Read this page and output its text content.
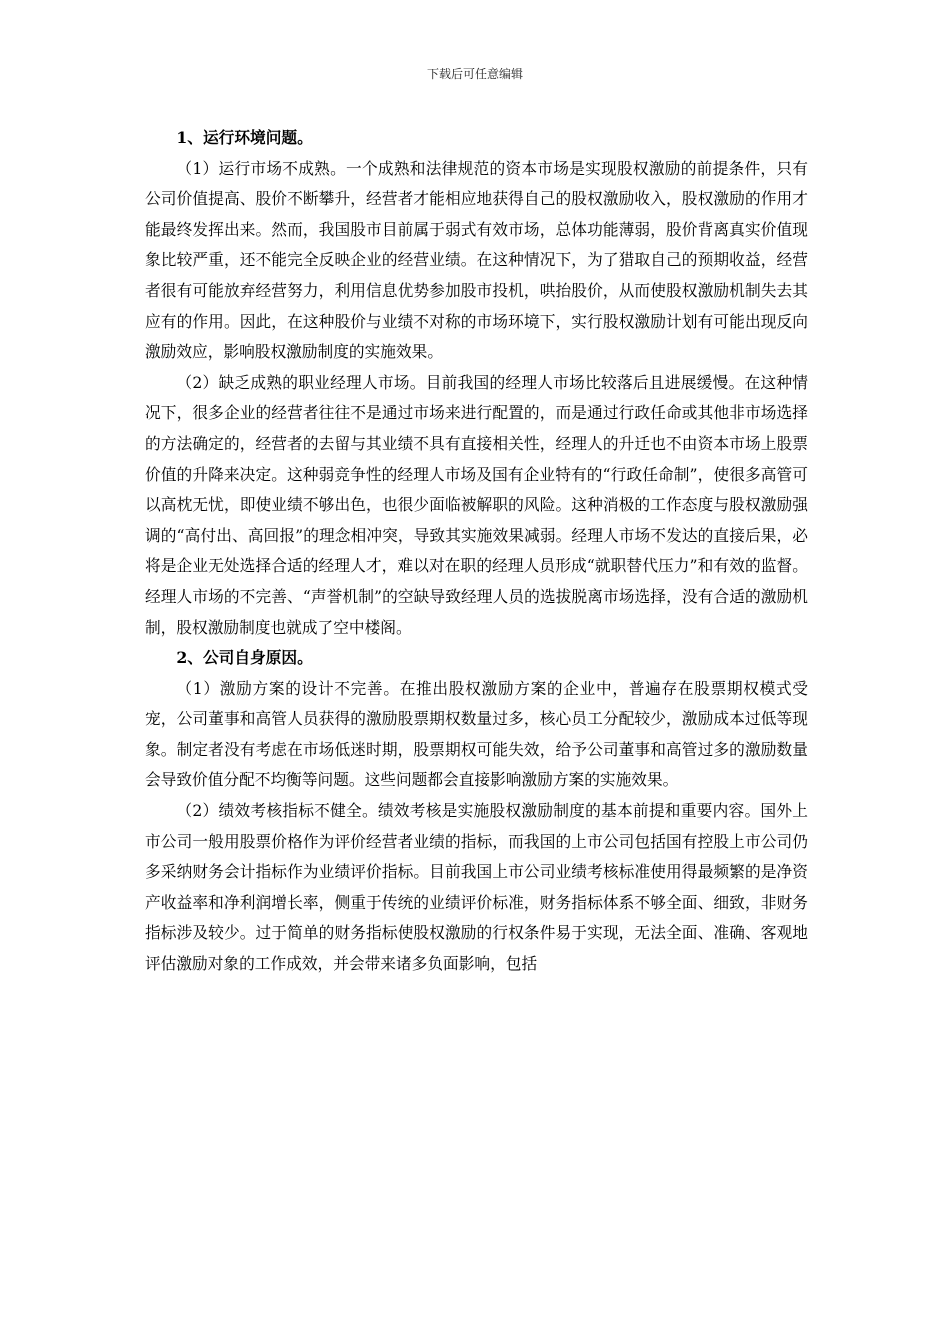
下载后可任意编辑
1、运行环境问题。

（1）运行市场不成熟。一个成熟和法律规范的资本市场是实现股权激励的前提条件，只有公司价值提高、股价不断攀升，经营者才能相应地获得自己的股权激励收入，股权激励的作用才能最终发挥出来。然而，我国股市目前属于弱式有效市场，总体功能薄弱，股价背离真实价值现象比较严重，还不能完全反映企业的经营业绩。在这种情况下，为了猎取自己的预期收益，经营者很有可能放弃经营努力，利用信息优势参加股市投机，哄抬股价，从而使股权激励机制失去其应有的作用。因此，在这种股价与业绩不对称的市场环境下，实行股权激励计划有可能出现反向激励效应，影响股权激励制度的实施效果。

（2）缺乏成熟的职业经理人市场。目前我国的经理人市场比较落后且进展缓慢。在这种情况下，很多企业的经营者往往不是通过市场来进行配置的，而是通过行政任命或其他非市场选择的方法确定的，经营者的去留与其业绩不具有直接相关性，经理人的升迁也不由资本市场上股票价值的升降来决定。这种弱竞争性的经理人市场及国有企业特有的“行政任命制”，使很多高管可以高枕无忧，即使业绩不够出色，也很少面临被解职的风险。这种消极的工作态度与股权激励强调的“高付出、高回报”的理念相冲突，导致其实施效果减弱。经理人市场不发达的直接后果，必将是企业无处选择合适的经理人才，难以对在职的经理人员形成“就职替代压力”和有效的监督。经理人市场的不完善、“声誉机制”的空缺导致经理人员的选拔脱离市场选择，没有合适的激励机制，股权激励制度也就成了空中楼阁。

2、公司自身原因。

（1）激励方案的设计不完善。在推出股权激励方案的企业中，普遍存在股票期权模式受宠，公司董事和高管人员获得的激励股票期权数量过多，核心员工分配较少，激励成本过低等现象。制定者没有考虑在市场低迷时期，股票期权可能失效，给予公司董事和高管过多的激励数量会导致价值分配不均衡等问题。这些问题都会直接影响激励方案的实施效果。

（2）绩效考核指标不健全。绩效考核是实施股权激励制度的基本前提和重要内容。国外上市公司一般用股票价格作为评价经营者业绩的指标，而我国的上市公司包括国有控股上市公司仍多采纳财务会计指标作为业绩评价指标。目前我国上市公司业绩考核标准使用得最频繁的是净资产收益率和净利润增长率，侧重于传统的业绩评价标准，财务指标体系不够全面、细致，非财务指标涉及较少。过于简单的财务指标使股权激励的行权条件易于实现，无法全面、准确、客观地评估激励对象的工作成效，并会带来诸多负面影响，包括
